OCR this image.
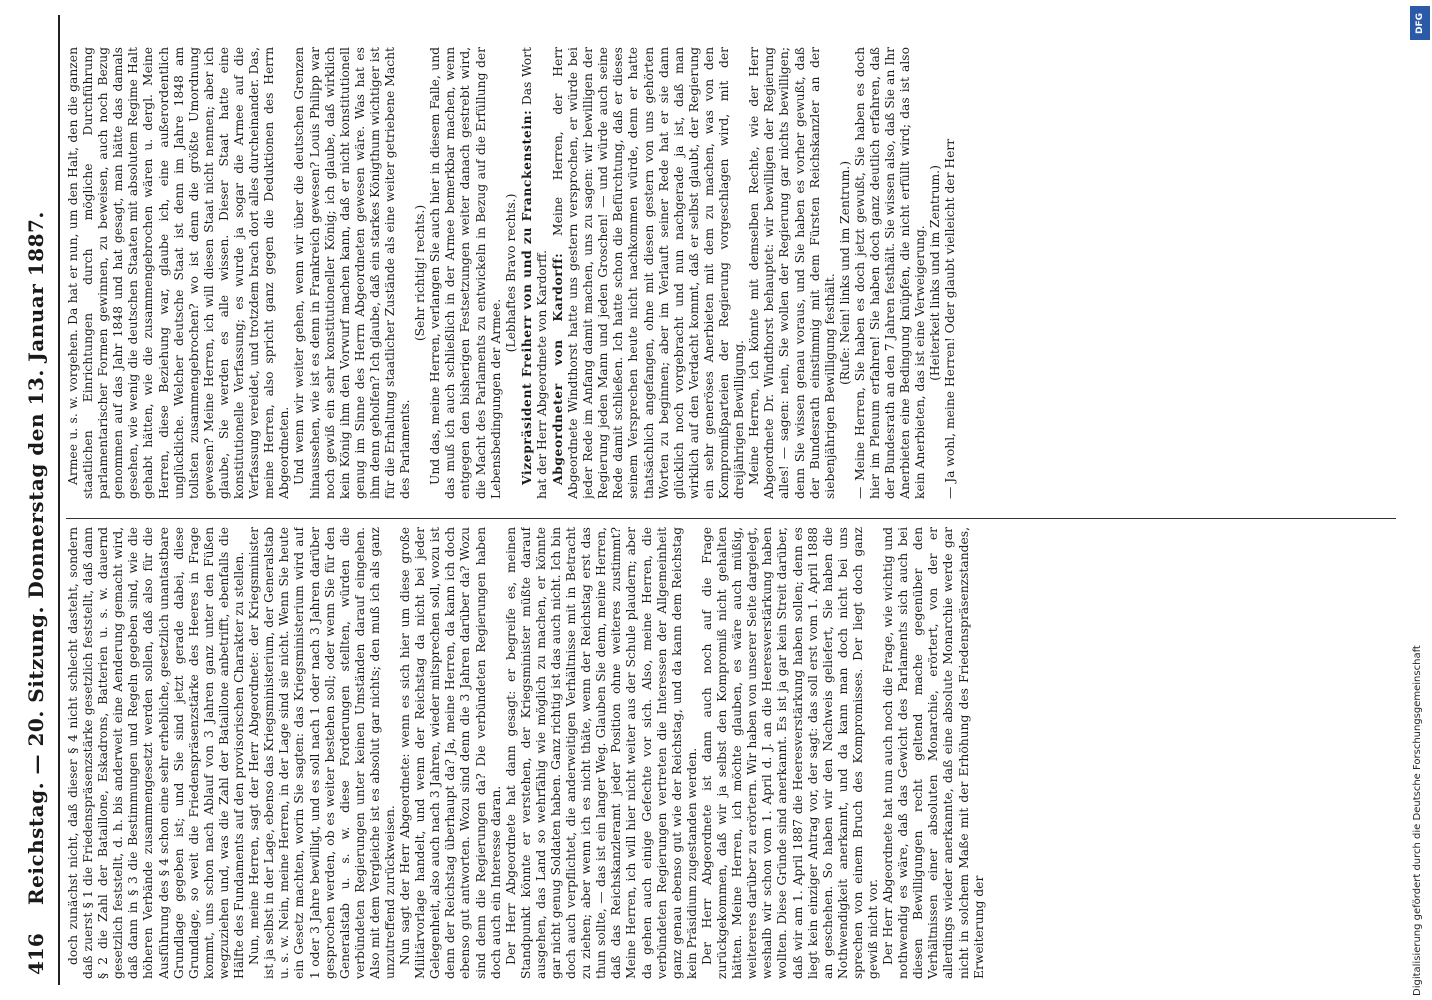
416
Reichstag. — 20. Sitzung. Donnerstag den 13. Januar 1887. doch zunächst nicht, daß dieser § 4 nicht schlecht dasteht, sondern daß zuerst § 1 die Friedenspräsenzstärke gesetzlich feststellt, daß dann § 2 die Zahl der Bataillone, Eskadrons, Batterien u. s. w. dauernd gesetzlich feststellt, d. h. bis anderweit eine Aenderung gemacht wird, daß dann in § 3 die Bestimmungen und Regeln gegeben sind, wie die höheren Verbände zusammengesetzt werden sollen, daß also für die Ausführung des § 4 schon eine sehr erhebliche, gesetzlich unantastbare Grundlage gegeben ist; und Sie sind jetzt gerade dabei, diese Grundlage, so weit die Friedenspräsenzstärke des Heeres in Frage kommt, uns schon nach Ablauf von 3 Jahren ganz unter den Füßen wegzuziehen und, was die Zahl der Bataillone anbetrifft, ebenfalls die Hälfte des Fundaments auf den provisorischen Charakter zu stellen. Nun, meine Herren, sagt der Herr Abgeordnete: der Kriegsminister ist ja selbst in der Lage, ebenso das Kriegsministerium, der Generalstab u. s. w. Nein, meine Herren, in der Lage sind sie nicht. Wenn Sie heute ein Gesetz machten, worin Sie sagten: das Kriegsministerium wird auf 1 oder 3 Jahre bewilligt, und es soll nach 1 oder nach 3 Jahren darüber gesprochen werden, ob es weiter bestehen soll; oder wenn Sie für den Generalstab u. s. w. diese Forderungen stellten, würden die verbündeten Regierungen unter keinen Umständen darauf eingehen. Also mit dem Vergleiche ist es absolut gar nichts; den muß ich als ganz unzutreffend zurückweisen. Nun sagt der Herr Abgeordnete: wenn es sich hier um diese große Militärvorlage handelt, und wenn der Reichstag da nicht bei jeder Gelegenheit, also auch nach 3 Jahren, wieder mitsprechen soll, wozu ist denn der Reichstag überhaupt da? Ja, meine Herren, da kann ich doch ebenso gut antworten. Wozu sind denn die 3 Jahren darüber da? Wozu sind denn die Regierungen da? Die verbündeten Regierungen haben doch auch ein Interesse daran. Der Herr Abgeordnete hat dann gesagt: er begreife es, meinen Standpunkt könnte er verstehen, der Kriegsminister müßte darauf ausgehen, das Land so wehrfähig wie möglich zu machen, er könnte gar nicht genug Soldaten haben. Ganz richtig ist das auch nicht. Ich bin doch auch verpflichtet, die anderweitigen Verhältnisse mit in Betracht zu ziehen; aber wenn ich es nicht thäte, wenn der Reichstag erst das thun sollte, — das ist ein langer Weg. Glauben Sie denn, meine Herren, daß das Reichskanzleramt jeder Position ohne weiteres zustimmt? Meine Herren, ich will hier nicht weiter aus der Schule plaudern; aber da gehen auch einige Gefechte vor sich. Also, meine Herren, die verbündeten Regierungen vertreten die Interessen der Allgemeinheit ganz genau ebenso gut wie der Reichstag, und da kann dem Reichstag kein Präsidium zugestanden werden. Der Herr Abgeordnete ist dann auch noch auf die Frage zurückgekommen, daß wir ja selbst den Kompromiß nicht gehalten hätten. Meine Herren, ich möchte glauben, es wäre auch müßig, weitereres darüber zu erörtern. Wir haben von unserer Seite dargelegt, weshalb wir schon vom 1. April d. J. an die Heeresverstärkung haben wollten. Diese Gründe sind anerkannt. Es ist ja gar kein Streit darüber, daß wir am 1. April 1887 die Heeresverstärkung haben sollen; denn es liegt kein einziger Antrag vor, der sagt: das soll erst vom 1. April 1888 an geschehen. So haben wir den Nachweis geliefert, Sie haben die Nothwendigkeit anerkannt, und da kann man doch nicht bei uns sprechen von einem Bruch des Kompromisses. Der liegt doch ganz gewiß nicht vor. Der Herr Abgeordnete hat nun auch noch die Frage, wie wichtig und nothwendig es wäre, daß das Gewicht des Parlaments sich auch bei diesen Bewilligungen recht geltend mache gegenüber den Verhältnissen einer absoluten Monarchie, erörtert, von der er allerdings wieder anerkannte, daß eine absolute Monarchie werde gar nicht in solchem Maße mit der Erhöhung des Friedenspräsenzstandes, Erweiterung der

Armee u. s. w. vorgehen. Da hat er nun, um den Halt, den die ganzen staatlichen Einrichtungen durch mögliche Durchführung parlamentarischer Formen gewinnen, zu beweisen, auch noch Bezug genommen auf das Jahr 1848 und hat gesagt, man hätte das damals gesehen, wie wenig die deutschen Staaten mit absolutem Regime Halt gehabt hätten, wie die zusammengebrochen wären u. dergl. Meine Herren, diese Beziehung war, glaube ich, eine außerordentlich unglückliche. Welcher deutsche Staat ist denn im Jahre 1848 am tollsten zusammengebrochen? wo ist denn die größte Umordnung gewesen? Meine Herren, ich will diesen Staat nicht nennen; aber ich glaube, Sie werden es alle wissen. Dieser Staat hatte eine konstitutionelle Verfassung; es wurde ja sogar die Armee auf die Verfassung vereidet, und trotzdem brach dort alles durcheinander. Das, meine Herren, also spricht ganz gegen die Deduktionen des Herrn Abgeordneten. Und wenn wir weiter gehen, wenn wir über die deutschen Grenzen hinaussehen, wie ist es denn in Frankreich gewesen? Louis Philipp war noch gewiß ein sehr konstitutioneller König; ich glaube, daß wirklich kein König ihm den Vorwurf machen kann, daß er nicht konstitutionell genug im Sinne des Herrn Abgeordneten gewesen wäre. Was hat es ihm denn geholfen? Ich glaube, daß ein starkes Königthum wichtiger ist für die Erhaltung staatlicher Zustände als eine weiter getriebene Macht des Parlaments.

(Sehr richtig! rechts.) Und das, meine Herren, verlangen Sie auch hier in diesem Falle, und das muß ich auch schließlich in der Armee bemerkbar machen, wenn entgegen den bisherigen Festsetzungen weiter danach gestrebt wird, die Macht des Parlaments zu entwickeln in Bezug auf die Erfüllung der Lebensbedingungen der Armee.

(Lebhaftes Bravo rechts.) Vizepräsident Freiherr von und zu Franckenstein: Das Wort hat der Herr Abgeordnete von Kardorff. Abgeordneter von Kardorff: Meine Herren, der Herr Abgeordnete Windthorst hatte uns gestern versprochen, er würde bei jeder Rede im Anfang damit machen, uns zu sagen: wir bewilligen der Regierung jeden Mann und jeden Groschen! — und würde auch seine Rede damit schließen. Ich hatte schon die Befürchtung, daß er dieses seinem Versprechen heute nicht nachkommen würde, denn er hatte thatsächlich angefangen, ohne mit diesen gestern von uns gehörten Worten zu beginnen; aber im Verlauft seiner Rede hat er sie dann glücklich noch vorgebracht und nun nachgerade ja ist, daß man wirklich auf den Verdacht kommt, daß er selbst glaubt, der Regierung ein sehr generöses Anerbieten mit dem zu machen, was von den Kompromißparteien der Regierung vorgeschlagen wird, mit der dreijährigen Bewilligung. Meine Herren, ich könnte mit demselben Rechte, wie der Herr Abgeordnete Dr. Windthorst behauptet: wir bewilligen der Regierung alles! — sagen: nein, Sie wollen der Regierung gar nichts bewilligen; denn Sie wissen genau voraus, und Sie haben es vorher gewußt, daß der Bundesrath einstimmig mit dem Fürsten Reichskanzler an der siebenjährigen Bewilligung festhält.

(Rufe: Nein! links und im Zentrum.) — Meine Herren, Sie haben es doch jetzt gewußt, Sie haben es doch hier im Plenum erfahren! Sie haben doch ganz deutlich erfahren, daß der Bundesrath an den 7 Jahren festhält. Sie wissen also, daß Sie an Ihr Anerbieten eine Bedingung knüpfen, die nicht erfüllt wird; das ist also kein Anerbieten, das ist eine Verweigerung. (Heiterkeit links und im Zentrum.) — Ja wohl, meine Herren! Oder glaubt vielleicht der Herr

DFG
Digitalisierung gefördert durch die Deutsche Forschungsgemeinschaft
